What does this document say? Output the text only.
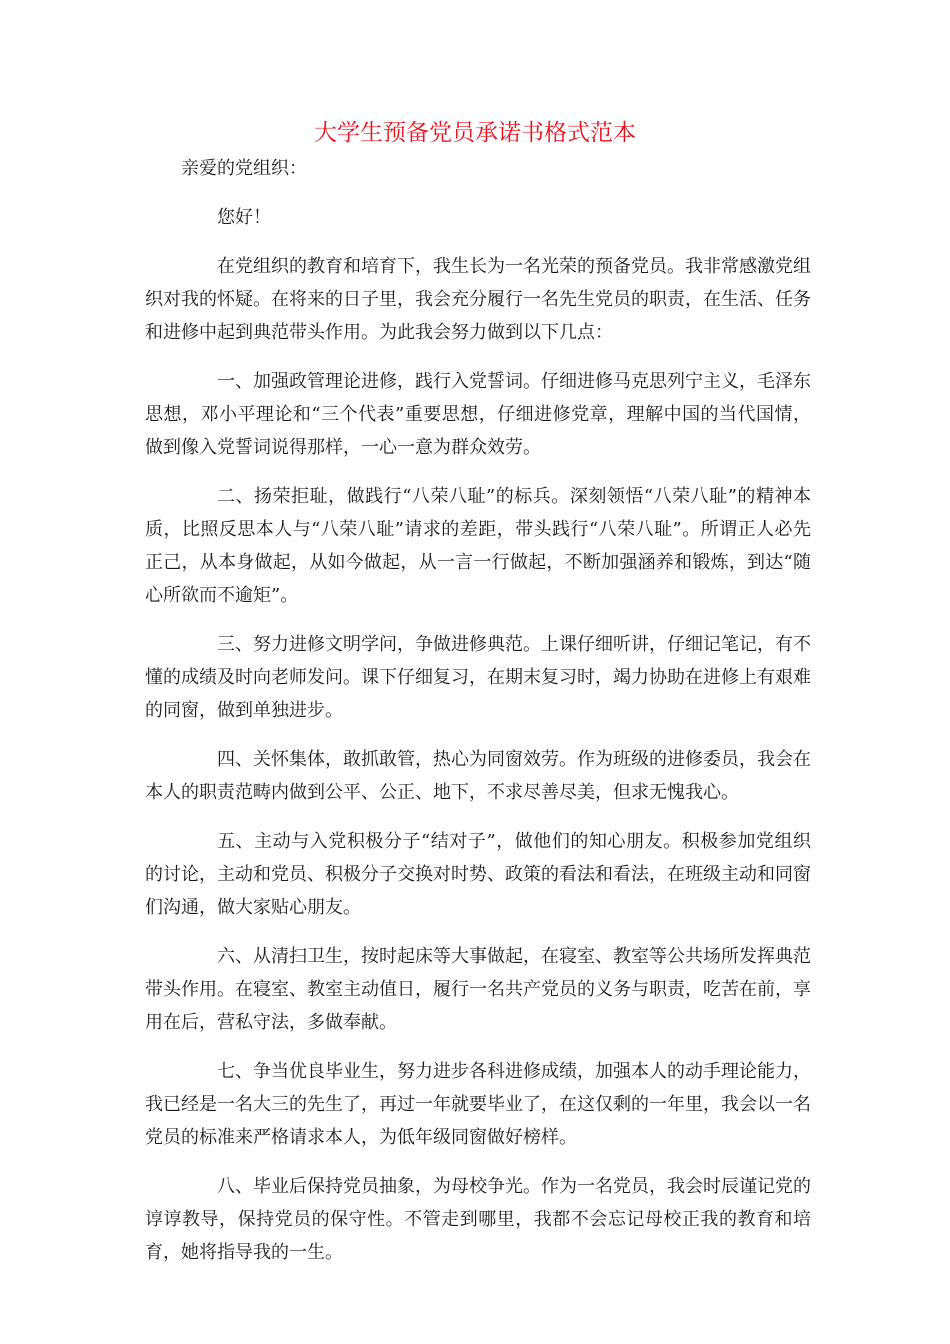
大学生预备党员承诺书格式范本

亲爱的党组织：

您好！

在党组织的教育和培育下，我生长为一名光荣的预备党员。我非常感激党组织对我的怀疑。在将来的日子里，我会充分履行一名先生党员的职责，在生活、任务和进修中起到典范带头作用。为此我会努力做到以下几点：

一、加强政管理论进修，践行入党誓词。仔细进修马克思列宁主义，毛泽东思想，邓小平理论和“三个代表”重要思想，仔细进修党章，理解中国的当代国情，做到像入党誓词说得那样，一心一意为群众效劳。

二、扬荣拒耻，做践行“八荣八耻”的标兵。深刻领悟“八荣八耻”的精神本质，比照反思本人与“八荣八耻”请求的差距，带头践行“八荣八耻”。所谓正人必先正己，从本身做起，从如今做起，从一言一行做起，不断加强涵养和锻炼，到达“随心所欲而不逾矩”。

三、努力进修文明学问，争做进修典范。上课仔细听讲，仔细记笔记，有不懂的成绩及时向老师发问。课下仔细复习，在期末复习时，竭力协助在进修上有艰难的同窗，做到单独进步。

四、关怀集体，敢抓敢管，热心为同窗效劳。作为班级的进修委员，我会在本人的职责范畴内做到公平、公正、地下，不求尽善尽美，但求无愧我心。

五、主动与入党积极分子“结对子”，做他们的知心朋友。积极参加党组织的讨论，主动和党员、积极分子交换对时势、政策的看法和看法，在班级主动和同窗们沟通，做大家贴心朋友。

六、从清扫卫生，按时起床等大事做起，在寝室、教室等公共场所发挥典范带头作用。在寝室、教室主动值日，履行一名共产党员的义务与职责，吃苦在前，享用在后，营私守法，多做奉献。

七、争当优良毕业生，努力进步各科进修成绩，加强本人的动手理论能力，我已经是一名大三的先生了，再过一年就要毕业了，在这仅剩的一年里，我会以一名党员的标准来严格请求本人，为低年级同窗做好榜样。

八、毕业后保持党员抽象，为母校争光。作为一名党员，我会时辰谨记党的谆谆教导，保持党员的保守性。不管走到哪里，我都不会忘记母校正我的教育和培育，她将指导我的一生。
